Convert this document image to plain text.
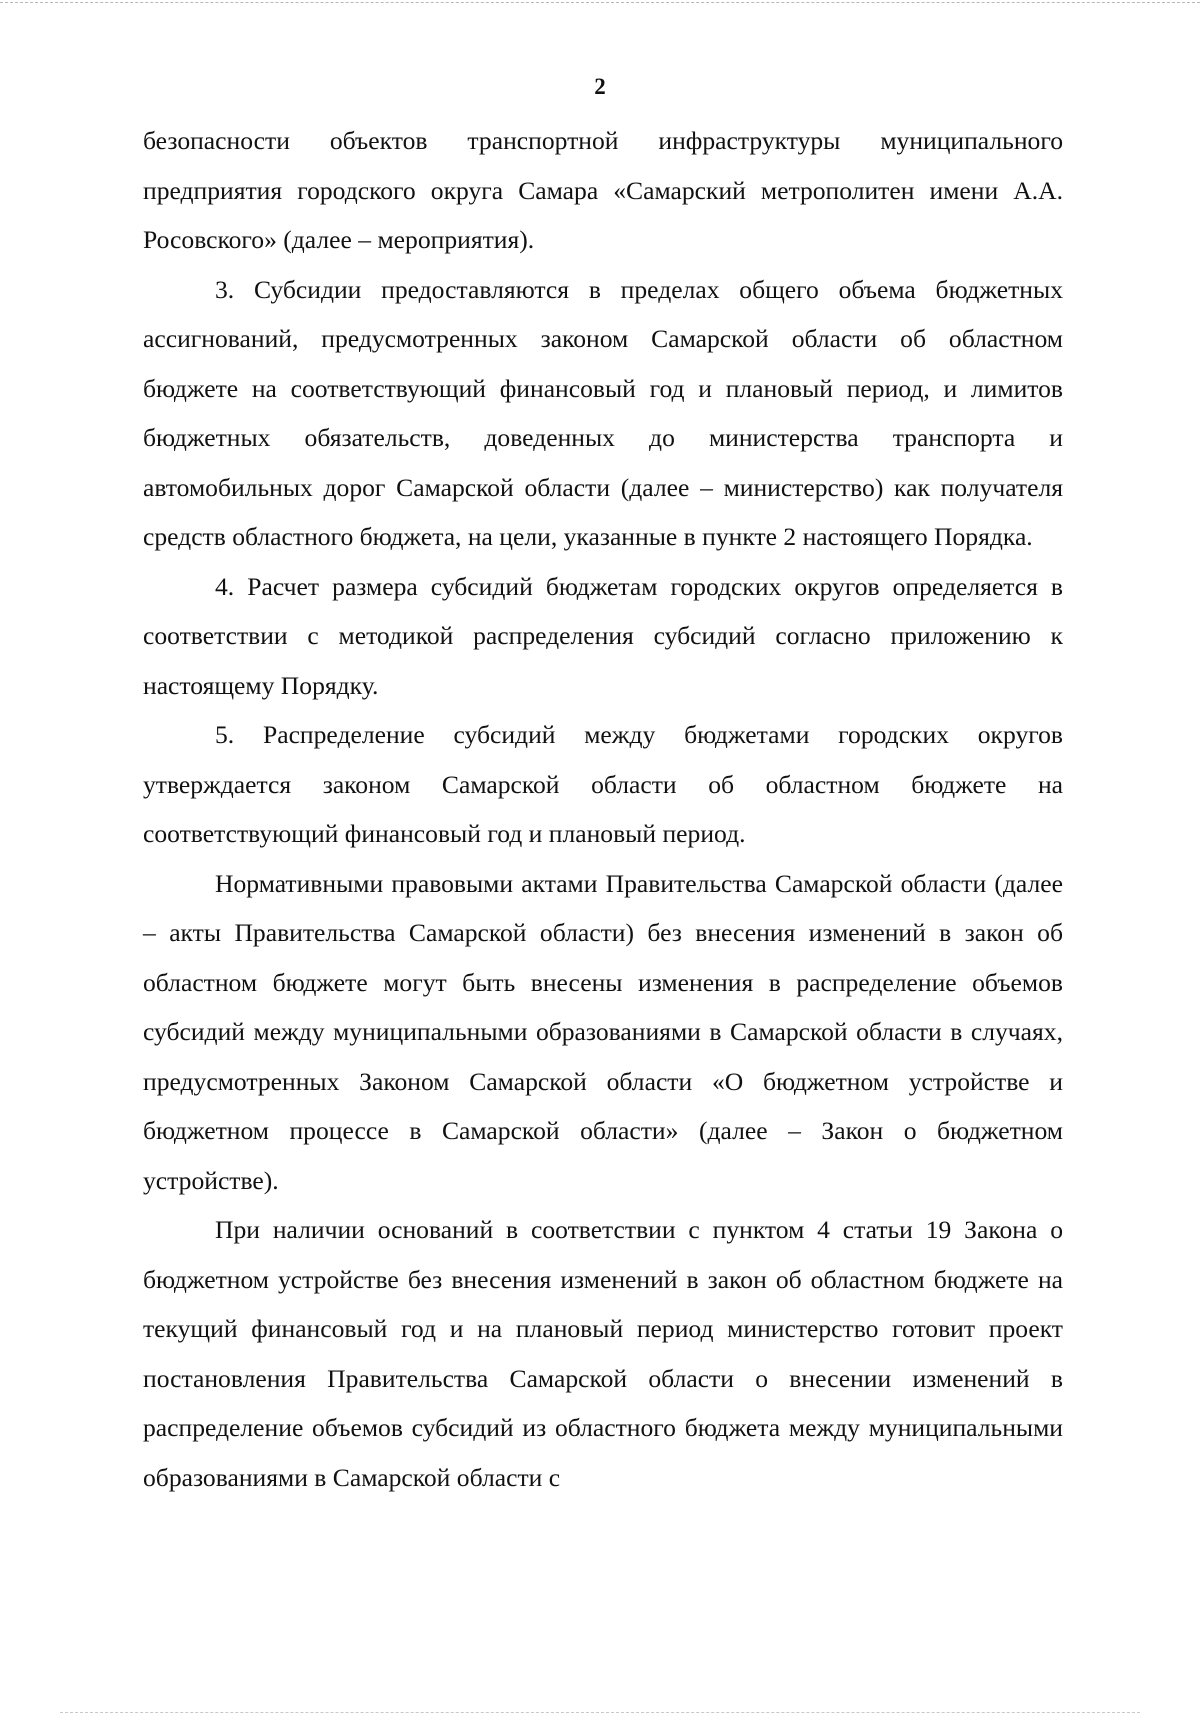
2

безопасности объектов транспортной инфраструктуры муниципального предприятия городского округа Самара «Самарский метрополитен имени А.А. Росовского» (далее – мероприятия).

3. Субсидии предоставляются в пределах общего объема бюджетных ассигнований, предусмотренных законом Самарской области об областном бюджете на соответствующий финансовый год и плановый период, и лимитов бюджетных обязательств, доведенных до министерства транспорта и автомобильных дорог Самарской области (далее – министерство) как получателя средств областного бюджета, на цели, указанные в пункте 2 настоящего Порядка.

4. Расчет размера субсидий бюджетам городских округов определяется в соответствии с методикой распределения субсидий согласно приложению к настоящему Порядку.

5. Распределение субсидий между бюджетами городских округов утверждается законом Самарской области об областном бюджете на соответствующий финансовый год и плановый период.

Нормативными правовыми актами Правительства Самарской области (далее – акты Правительства Самарской области) без внесения изменений в закон об областном бюджете могут быть внесены изменения в распределение объемов субсидий между муниципальными образованиями в Самарской области в случаях, предусмотренных Законом Самарской области «О бюджетном устройстве и бюджетном процессе в Самарской области» (далее – Закон о бюджетном устройстве).

При наличии оснований в соответствии с пунктом 4 статьи 19 Закона о бюджетном устройстве без внесения изменений в закон об областном бюджете на текущий финансовый год и на плановый период министерство готовит проект постановления Правительства Самарской области о внесении изменений в распределение объемов субсидий из областного бюджета между муниципальными образованиями в Самарской области с
